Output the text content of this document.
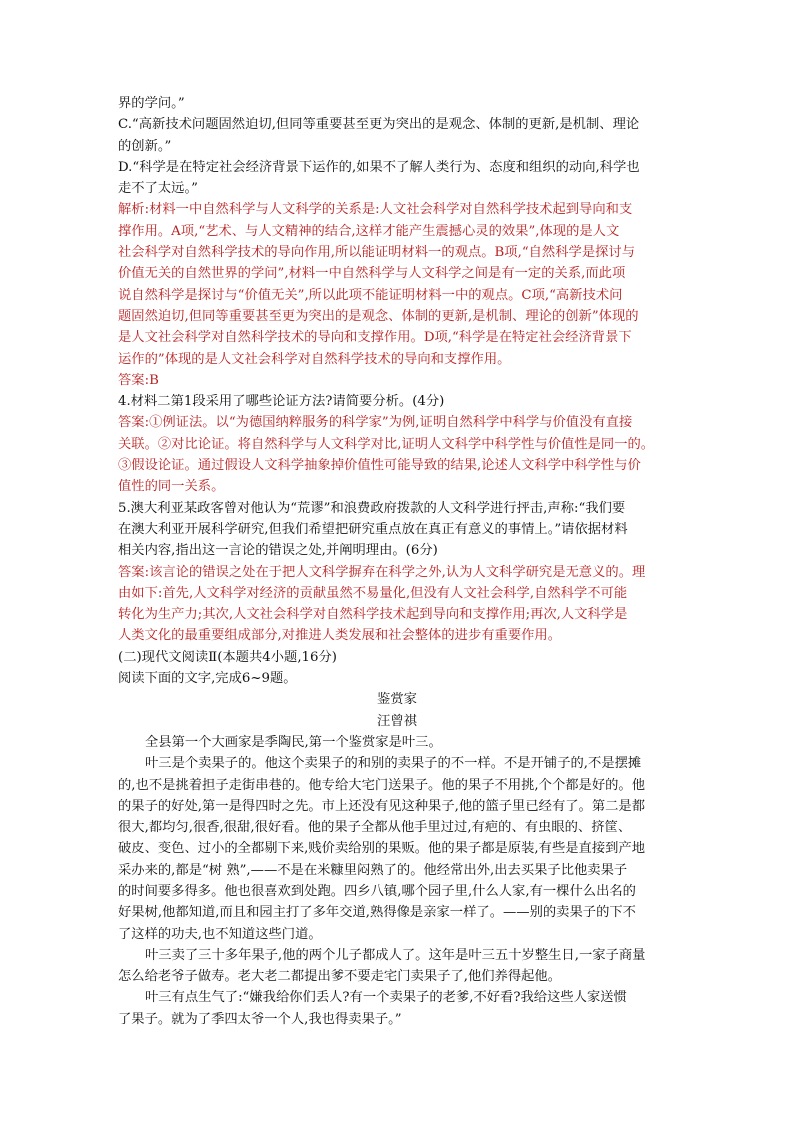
界的学问。”
C.“高新技术问题固然迫切,但同等重要甚至更为突出的是观念、体制的更新,是机制、理论
的创新。”
D.“科学是在特定社会经济背景下运作的,如果不了解人类行为、态度和组织的动向,科学也
走不了太远。”
解析:材料一中自然科学与人文科学的关系是:人文社会科学对自然科学技术起到导向和支
撑作用。A项,“艺术、与人文精神的结合,这样才能产生震撼心灵的效果”,体现的是人文
社会科学对自然科学技术的导向作用,所以能证明材料一的观点。B项,“自然科学是探讨与
价值无关的自然世界的学问”,材料一中自然科学与人文科学之间是有一定的关系,而此项
说自然科学是探讨与“价值无关”,所以此项不能证明材料一中的观点。C项,“高新技术问
题固然迫切,但同等重要甚至更为突出的是观念、体制的更新,是机制、理论的创新”体现的
是人文社会科学对自然科学技术的导向和支撑作用。D项,“科学是在特定社会经济背景下
运作的”体现的是人文社会科学对自然科学技术的导向和支撑作用。
答案:B
4.材料二第1段采用了哪些论证方法?请简要分析。(4分)
答案:①例证法。以“为德国纳粹服务的科学家”为例,证明自然科学中科学与价值没有直接
关联。②对比论证。将自然科学与人文科学对比,证明人文科学中科学性与价值性是同一的。
③假设论证。通过假设人文科学抽象掉价值性可能导致的结果,论述人文科学中科学性与价
值性的同一关系。
5.澳大利亚某政客曾对他认为“荒谬”和浪费政府拨款的人文科学进行抨击,声称:“我们要
在澳大利亚开展科学研究,但我们希望把研究重点放在真正有意义的事情上。”请依据材料
相关内容,指出这一言论的错误之处,并阐明理由。(6分)
答案:该言论的错误之处在于把人文科学摒弃在科学之外,认为人文科学研究是无意义的。理
由如下:首先,人文科学对经济的贡献虽然不易量化,但没有人文社会科学,自然科学不可能
转化为生产力;其次,人文社会科学对自然科学技术起到导向和支撑作用;再次,人文科学是
人类文化的最重要组成部分,对推进人类发展和社会整体的进步有重要作用。
(二)现代文阅读Ⅱ(本题共4小题,16分)
阅读下面的文字,完成6~9题。
鉴赏家
汪曾祺
全县第一个大画家是季陶民,第一个鉴赏家是叶三。
叶三是个卖果子的。他这个卖果子的和别的卖果子的不一样。不是开铺子的,不是摆摊
的,也不是挑着担子走街串巷的。他专给大宅门送果子。他的果子不用挑,个个都是好的。他
的果子的好处,第一是得四时之先。市上还没有见这种果子,他的篮子里已经有了。第二是都
很大,都均匀,很香,很甜,很好看。他的果子全都从他手里过过,有疤的、有虫眼的、挤筐、
破皮、变色、过小的全都剔下来,贱价卖给别的果贩。他的果子都是原装,有些是直接到产地
采办来的,都是“树 熟”,——不是在米糠里闷熟了的。他经常出外,出去买果子比他卖果子
的时间要多得多。他也很喜欢到处跑。四乡八镇,哪个园子里,什么人家,有一棵什么出名的
好果树,他都知道,而且和园主打了多年交道,熟得像是亲家一样了。——别的卖果子的下不
了这样的功夫,也不知道这些门道。
叶三卖了三十多年果子,他的两个儿子都成人了。这年是叶三五十岁整生日,一家子商量
怎么给老爷子做寿。老大老二都提出爹不要走宅门卖果子了,他们养得起他。
叶三有点生气了:“嫌我给你们丢人?有一个卖果子的老爹,不好看?我给这些人家送惯
了果子。就为了季四太爷一个人,我也得卖果子。”
